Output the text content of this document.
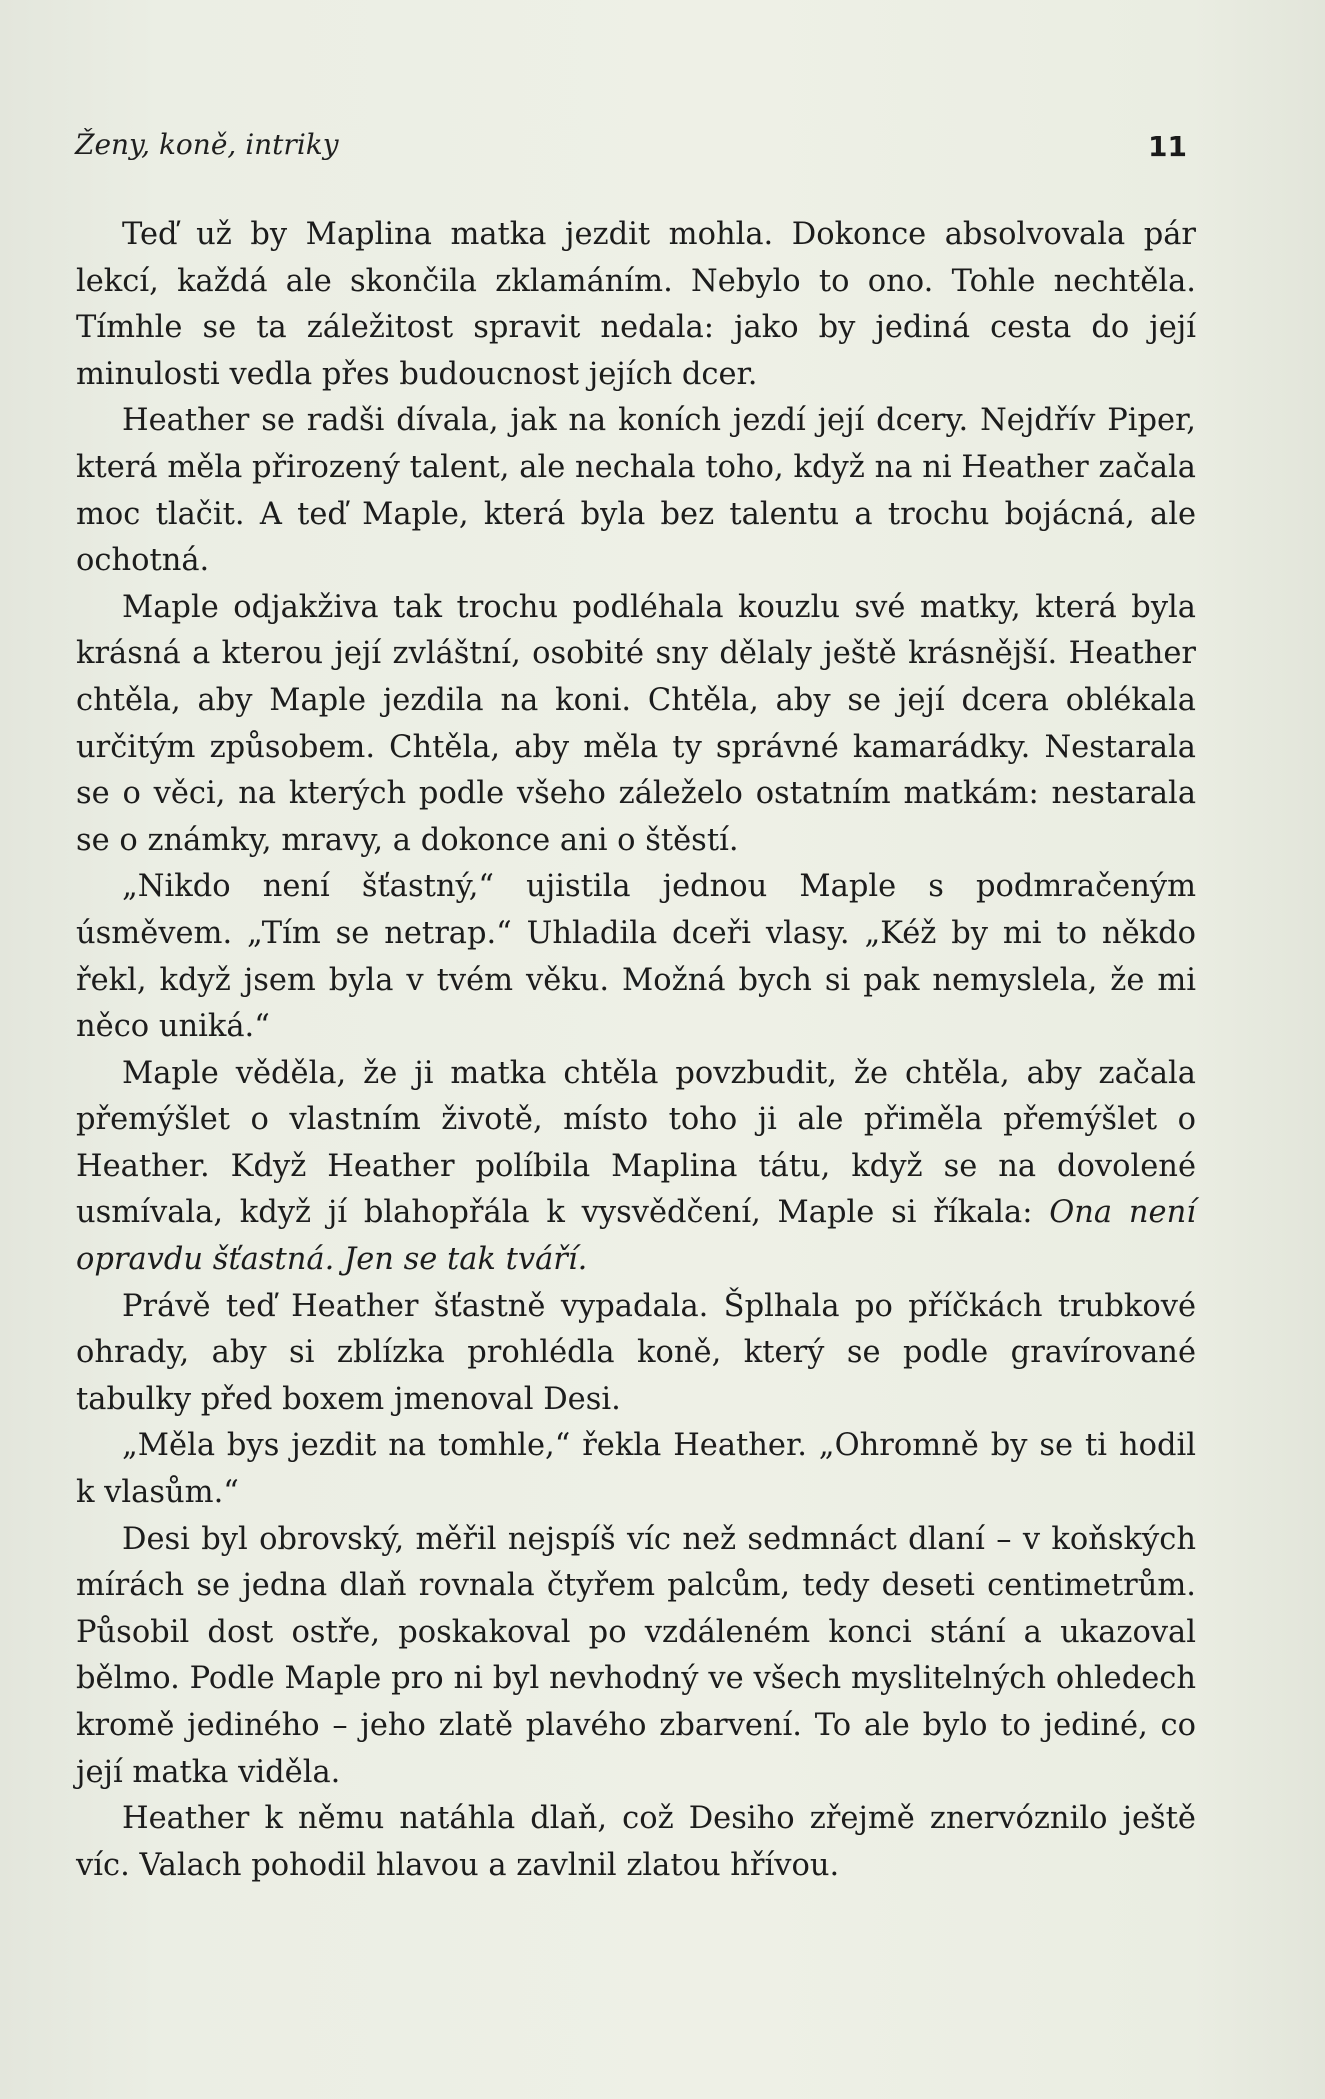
Ženy, koně, intriky	11

Teď už by Maplina matka jezdit mohla. Dokonce absolvovala pár lekcí, každá ale skončila zklamáním. Nebylo to ono. Tohle nechtěla. Tímhle se ta záležitost spravit nedala: jako by jediná cesta do její minulosti vedla přes budoucnost jejích dcer.

Heather se radši dívala, jak na koních jezdí její dcery. Nejdřív Piper, která měla přirozený talent, ale nechala toho, když na ni Heather začala moc tlačit. A teď Maple, která byla bez talentu a trochu bojácná, ale ochotná.

Maple odjakživa tak trochu podléhala kouzlu své matky, která byla krásná a kterou její zvláštní, osobité sny dělaly ještě krásnější. Heather chtěla, aby Maple jezdila na koni. Chtěla, aby se její dcera oblékala určitým způsobem. Chtěla, aby měla ty správné kamarádky. Nestarala se o věci, na kterých podle všeho záleželo ostatním matkám: nestarala se o známky, mravy, a dokonce ani o štěstí.

„Nikdo není šťastný,“ ujistila jednou Maple s podmračeným úsměvem. „Tím se netrap.“ Uhladila dceři vlasy. „Kéž by mi to někdo řekl, když jsem byla v tvém věku. Možná bych si pak nemyslela, že mi něco uniká.“

Maple věděla, že ji matka chtěla povzbudit, že chtěla, aby začala přemýšlet o vlastním životě, místo toho ji ale přiměla přemýšlet o Heather. Když Heather políbila Maplina tátu, když se na dovolené usmívala, když jí blahopřála k vysvědčení, Maple si říkala: Ona není opravdu šťastná. Jen se tak tváří.

Právě teď Heather šťastně vypadala. Šplhala po příčkách trubkové ohrady, aby si zblízka prohlédla koně, který se podle gravírované tabulky před boxem jmenoval Desi.

„Měla bys jezdit na tomhle,“ řekla Heather. „Ohromně by se ti hodil k vlasům.“

Desi byl obrovský, měřil nejspíš víc než sedmnáct dlaní – v koňských mírách se jedna dlaň rovnala čtyřem palcům, tedy deseti centimetrům. Působil dost ostře, poskakoval po vzdáleném konci stání a ukazoval bělmo. Podle Maple pro ni byl nevhodný ve všech myslitelných ohledech kromě jediného – jeho zlatě plavého zbarvení. To ale bylo to jediné, co její matka viděla.

Heather k němu natáhla dlaň, což Desiho zřejmě znervóznilo ještě víc. Valach pohodil hlavou a zavlnil zlatou hřívou.
